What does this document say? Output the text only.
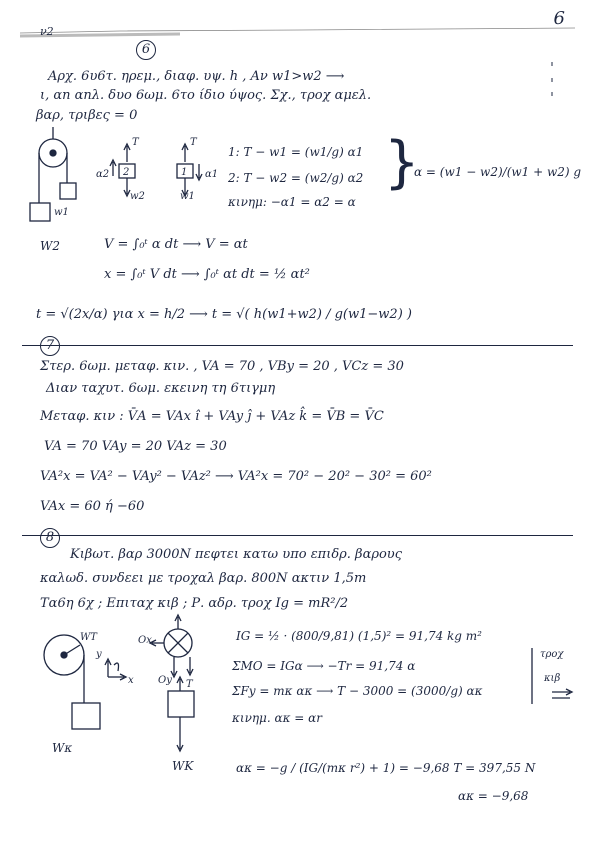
6
ν2
6
Αρχ. 6υ6τ. ηρεμ., διαφ. υψ. h , Αν w1>w2 ⟶
ι, αn αnλ. δυο 6ωμ. 6τo ίδιο ύψος. Σχ., τροχ αμελ.
βαρ, τριβες = 0
w1
W2
2	1
α2	α1
w2	w1
T	T
1: T − w1 = (w1/g) α1
2: T − w2 = (w2/g) α2
κινημ: −α1 = α2 = α
}
α = (w1 − w2)/(w1 + w2) g
V = ∫₀ᵗ α dt ⟶ V = αt
x = ∫₀ᵗ V dt ⟶ ∫₀ᵗ αt dt = ½ αt²
t = √(2x/α) για x = h/2 ⟶ t = √( h(w1+w2) / g(w1−w2) )
7
Στερ. 6ωμ. μεταφ. κιν. , VA = 70 , VBy = 20 , VCz = 30
Διαν ταχυτ. 6ωμ. εκεινη τη 6τιγμη
Μεταφ. κιν : V̄A = VAx î + VAy ĵ + VAz k̂ = V̄B = V̄C
VA = 70 VAy = 20 VAz = 30
VA²x = VA² − VAy² − VAz² ⟶ VA²x = 70² − 20² − 30² = 60²
VAx = 60 ή −60
8
Κιβωτ. βαρ 3000N πεφτει κατω υπο επιδρ. βαρους
καλωδ. συνδεει με τροχαλ βαρ. 800N ακτιν 1,5m
Τα6η 6χ ; Επιταχ κιβ ; Ρ. αδρ. τροχ Ιg = mR²/2
WT
y
x
Wκ
Ox
Oy T
WK
IG = ½ · (800/9,81) (1,5)² = 91,74 kg m²
ΣMO = IGα ⟶ −Tr = 91,74 α
ΣFy = mκ ακ ⟶ T − 3000 = (3000/g) ακ
κινημ. ακ = αr
τροχ
κιβ
ακ = −g / (IG/(mκ r²) + 1) = −9,68 T = 397,55 N
ακ = −9,68
